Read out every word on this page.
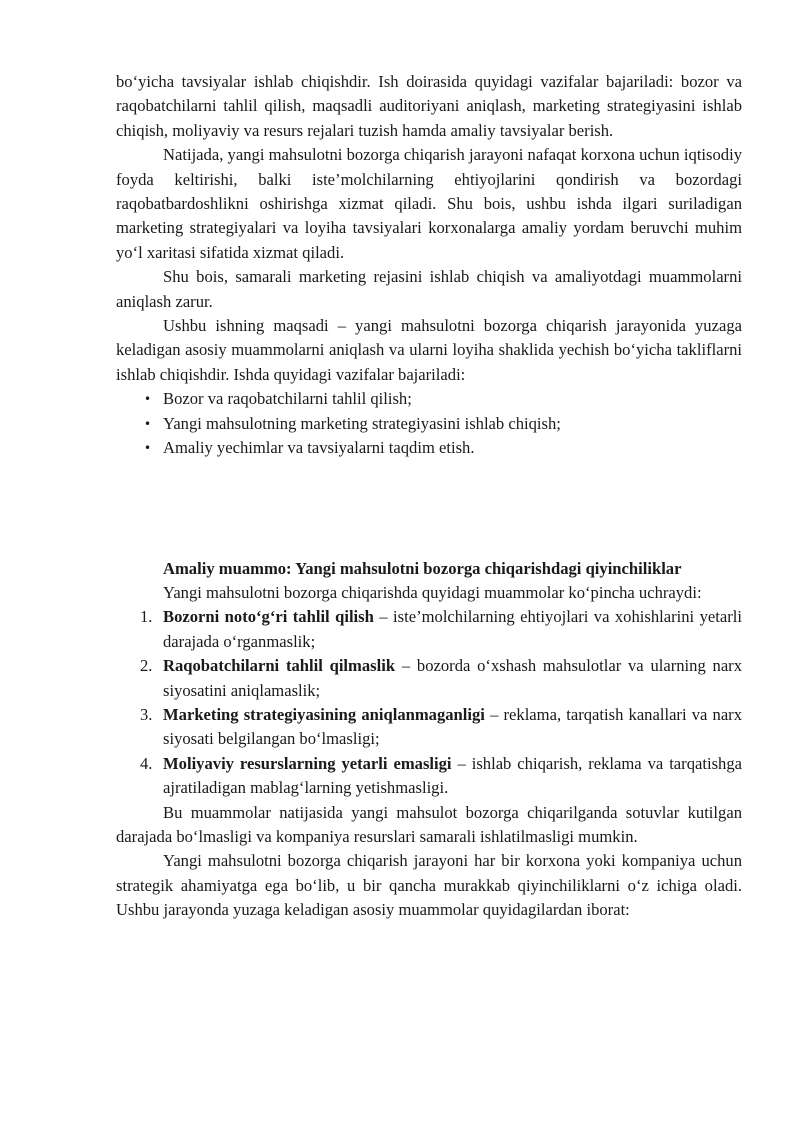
bo‘yicha tavsiyalar ishlab chiqishdir. Ish doirasida quyidagi vazifalar bajariladi: bozor va raqobatchilarni tahlil qilish, maqsadli auditoriyani aniqlash, marketing strategiyasini ishlab chiqish, moliyaviy va resurs rejalari tuzish hamda amaliy tavsiyalar berish.

Natijada, yangi mahsulotni bozorga chiqarish jarayoni nafaqat korxona uchun iqtisodiy foyda keltirishi, balki iste’molchilarning ehtiyojlarini qondirish va bozordagi raqobatbardoshlikni oshirishga xizmat qiladi. Shu bois, ushbu ishda ilgari suriladigan marketing strategiyalari va loyiha tavsiyalari korxonalarga amaliy yordam beruvchi muhim yo‘l xaritasi sifatida xizmat qiladi.

Shu bois, samarali marketing rejasini ishlab chiqish va amaliyotdagi muammolarni aniqlash zarur.

Ushbu ishning maqsadi – yangi mahsulotni bozorga chiqarish jarayonida yuzaga keladigan asosiy muammolarni aniqlash va ularni loyiha shaklida yechish bo‘yicha takliflarni ishlab chiqishdir. Ishda quyidagi vazifalar bajariladi:

• Bozor va raqobatchilarni tahlil qilish;
• Yangi mahsulotning marketing strategiyasini ishlab chiqish;
• Amaliy yechimlar va tavsiyalarni taqdim etish.

Amaliy muammo: Yangi mahsulotni bozorga chiqarishdagi qiyinchiliklar

Yangi mahsulotni bozorga chiqarishda quyidagi muammolar ko‘pincha uchraydi:

1. Bozorni noto‘g‘ri tahlil qilish – iste’molchilarning ehtiyojlari va xohishlarini yetarli darajada o‘rganmaslik;
2. Raqobatchilarni tahlil qilmaslik – bozorda o‘xshash mahsulotlar va ularning narx siyosatini aniqlamaslik;
3. Marketing strategiyasining aniqlanmaganligi – reklama, tarqatish kanallari va narx siyosati belgilangan bo‘lmasligi;
4. Moliyaviy resurslarning yetarli emasligi – ishlab chiqarish, reklama va tarqatishga ajratiladigan mablag‘larning yetishmasligi.

Bu muammolar natijasida yangi mahsulot bozorga chiqarilganda sotuvlar kutilgan darajada bo‘lmasligi va kompaniya resurslari samarali ishlatilmasligi mumkin.

Yangi mahsulotni bozorga chiqarish jarayoni har bir korxona yoki kompaniya uchun strategik ahamiyatga ega bo‘lib, u bir qancha murakkab qiyinchiliklarni o‘z ichiga oladi. Ushbu jarayonda yuzaga keladigan asosiy muammolar quyidagilardan iborat:
